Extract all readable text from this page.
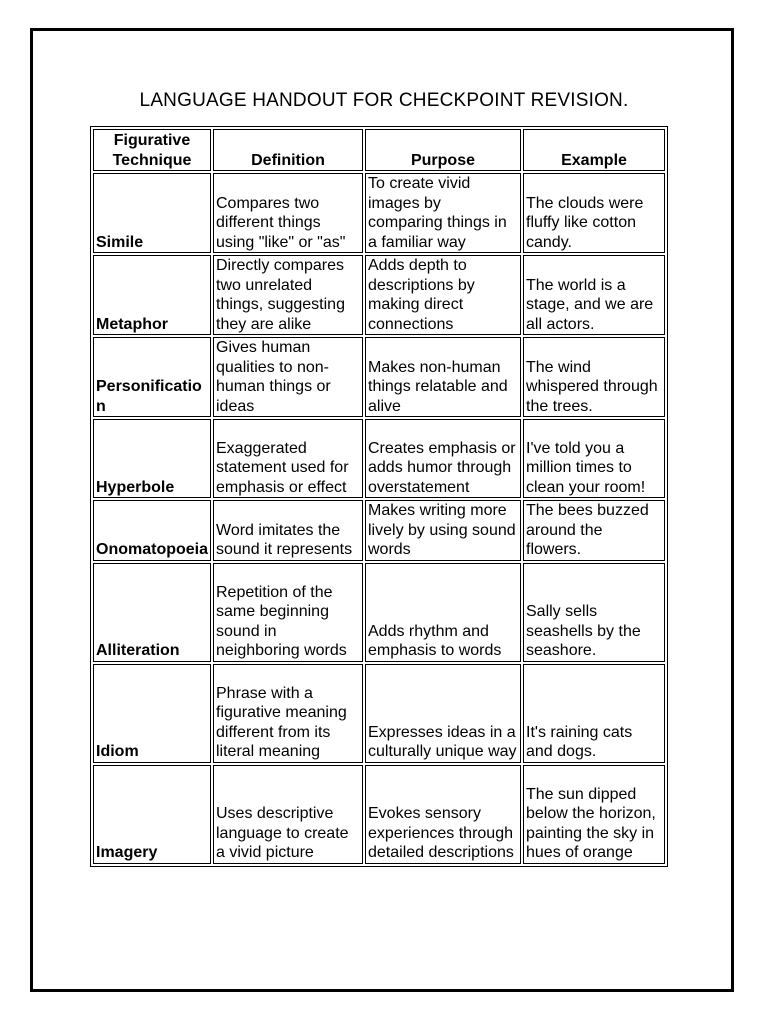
LANGUAGE HANDOUT FOR CHECKPOINT REVISION.
Figurative Technique	Definition	Purpose	Example
Simile	Compares two different things using "like" or "as"	To create vivid images by comparing things in a familiar way	The clouds were fluffy like cotton candy.
Metaphor	Directly compares two unrelated things, suggesting they are alike	Adds depth to descriptions by making direct connections	The world is a stage, and we are all actors.
Personification	Gives human qualities to non-human things or ideas	Makes non-human things relatable and alive	The wind whispered through the trees.
Hyperbole	Exaggerated statement used for emphasis or effect	Creates emphasis or adds humor through overstatement	I've told you a million times to clean your room!
Onomatopoeia	Word imitates the sound it represents	Makes writing more lively by using sound words	The bees buzzed around the flowers.
Alliteration	Repetition of the same beginning sound in neighboring words	Adds rhythm and emphasis to words	Sally sells seashells by the seashore.
Idiom	Phrase with a figurative meaning different from its literal meaning	Expresses ideas in a culturally unique way	It's raining cats and dogs.
Imagery	Uses descriptive language to create a vivid picture	Evokes sensory experiences through detailed descriptions	The sun dipped below the horizon, painting the sky in hues of orange
